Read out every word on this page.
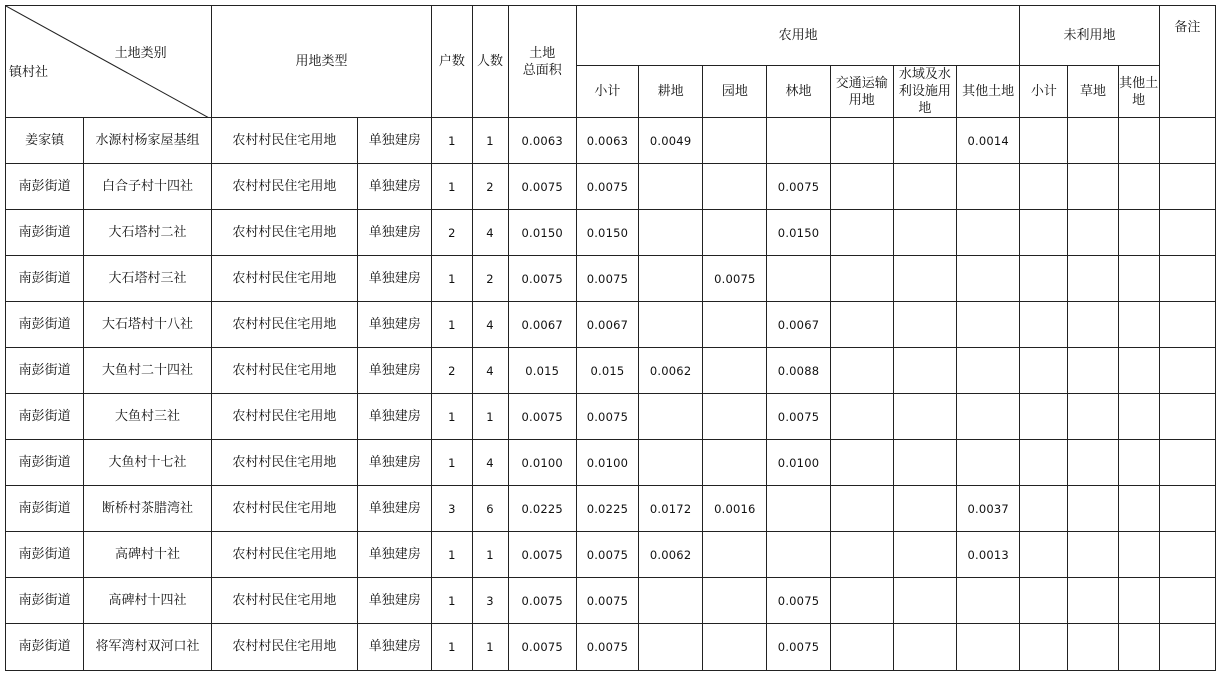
土地类别
镇村社		用地类型		户数	人数	土地
总面积	农用地							未利用地			备注
							小计	耕地	园地	林地	交通运输用地	水域及水利设施用地	其他土地	小计	草地	其他土地	
姜家镇	水源村杨家屋基组	农村村民住宅用地	单独建房	1	1	0.0063	0.0063	0.0049					0.0014				
南彭街道	白合子村十四社	农村村民住宅用地	单独建房	1	2	0.0075	0.0075			0.0075							
南彭街道	大石塔村二社	农村村民住宅用地	单独建房	2	4	0.0150	0.0150			0.0150							
南彭街道	大石塔村三社	农村村民住宅用地	单独建房	1	2	0.0075	0.0075		0.0075								
南彭街道	大石塔村十八社	农村村民住宅用地	单独建房	1	4	0.0067	0.0067			0.0067							
南彭街道	大鱼村二十四社	农村村民住宅用地	单独建房	2	4	0.015	0.015	0.0062		0.0088							
南彭街道	大鱼村三社	农村村民住宅用地	单独建房	1	1	0.0075	0.0075			0.0075							
南彭街道	大鱼村十七社	农村村民住宅用地	单独建房	1	4	0.0100	0.0100			0.0100							
南彭街道	断桥村茶腊湾社	农村村民住宅用地	单独建房	3	6	0.0225	0.0225	0.0172	0.0016				0.0037				
南彭街道	高碑村十社	农村村民住宅用地	单独建房	1	1	0.0075	0.0075	0.0062					0.0013				
南彭街道	高碑村十四社	农村村民住宅用地	单独建房	1	3	0.0075	0.0075			0.0075							
南彭街道	将军湾村双河口社	农村村民住宅用地	单独建房	1	1	0.0075	0.0075			0.0075							
